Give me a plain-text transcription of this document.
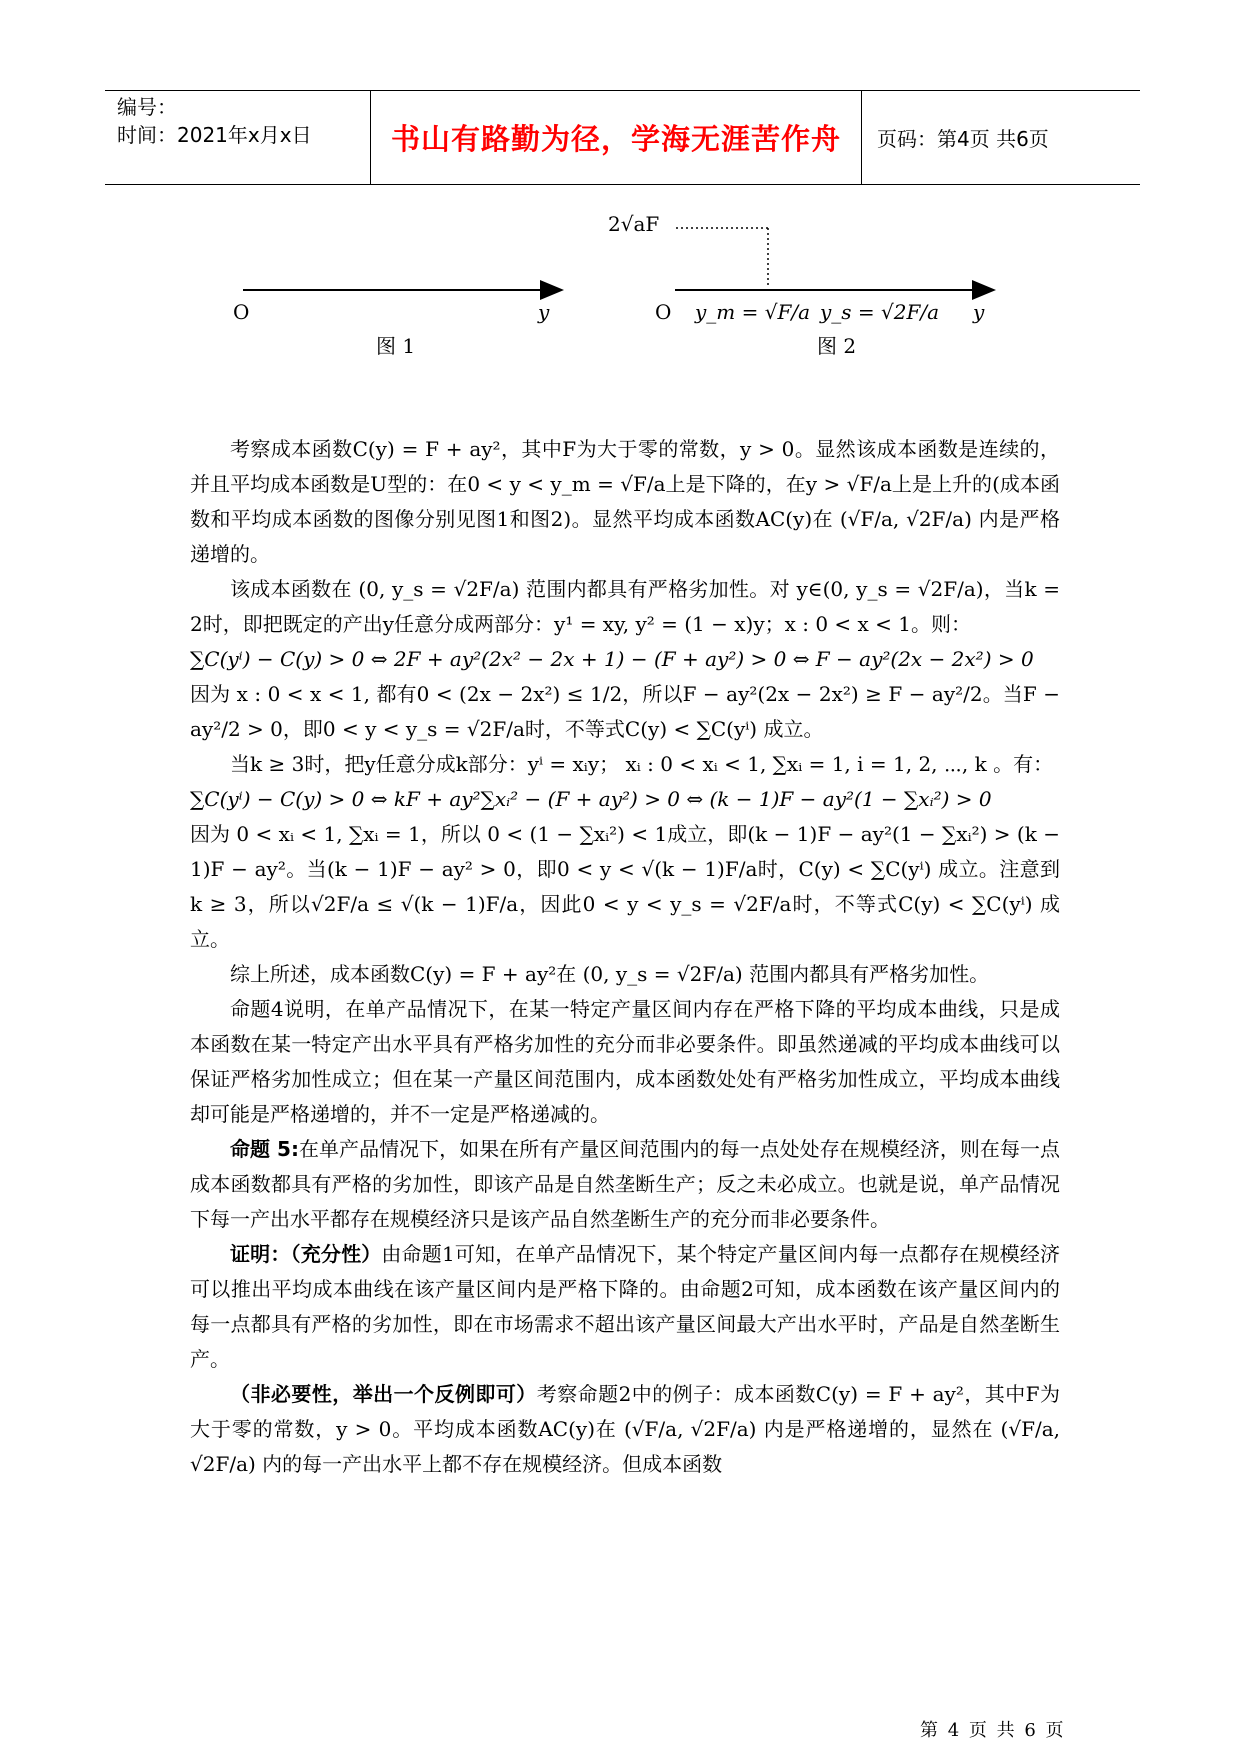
编号：
时间：2021年x月x日	书山有路勤为径，学海无涯苦作舟	页码：第4页 共6页
2√aF
O	y
图 1
O y_m = √F/a y_s = √2F/a y
图 2

考察成本函数C(y) = F + ay²，其中F为大于零的常数，y > 0。显然该成本函数是连续的，并且平均成本函数是U型的：在0 < y < y_m = √F/a上是下降的，在y > √F/a上是上升的(成本函数和平均成本函数的图像分别见图1和图2)。显然平均成本函数AC(y)在 (√F/a, √2F/a) 内是严格递增的。

该成本函数在 (0, y_s = √2F/a) 范围内都具有严格劣加性。对 y∈(0, y_s = √2F/a)，当k = 2时，即把既定的产出y任意分成两部分：y¹ = xy, y² = (1 − x)y；x : 0 < x < 1。则：

∑C(yⁱ) − C(y) > 0 ⇔ 2F + ay²(2x² − 2x + 1) − (F + ay²) > 0 ⇔ F − ay²(2x − 2x²) > 0

因为 x : 0 < x < 1, 都有0 < (2x − 2x²) ≤ 1/2，所以F − ay²(2x − 2x²) ≥ F − ay²/2。当F − ay²/2 > 0，即0 < y < y_s = √2F/a时，不等式C(y) < ∑C(yⁱ) 成立。

当k ≥ 3时，把y任意分成k部分：yⁱ = xᵢy； xᵢ : 0 < xᵢ < 1, ∑xᵢ = 1, i = 1, 2, ⋯, k 。有：

∑C(yⁱ) − C(y) > 0 ⇔ kF + ay²∑xᵢ² − (F + ay²) > 0 ⇔ (k − 1)F − ay²(1 − ∑xᵢ²) > 0

因为 0 < xᵢ < 1, ∑xᵢ = 1，所以 0 < (1 − ∑xᵢ²) < 1成立，即(k − 1)F − ay²(1 − ∑xᵢ²) > (k − 1)F − ay²。当(k − 1)F − ay² > 0，即0 < y < √(k − 1)F/a时，C(y) < ∑C(yⁱ) 成立。注意到k ≥ 3，所以√2F/a ≤ √(k − 1)F/a，因此0 < y < y_s = √2F/a时，不等式C(y) < ∑C(yⁱ) 成立。

综上所述，成本函数C(y) = F + ay²在 (0, y_s = √2F/a) 范围内都具有严格劣加性。

命题4说明，在单产品情况下，在某一特定产量区间内存在严格下降的平均成本曲线，只是成本函数在某一特定产出水平具有严格劣加性的充分而非必要条件。即虽然递减的平均成本曲线可以保证严格劣加性成立；但在某一产量区间范围内，成本函数处处有严格劣加性成立，平均成本曲线却可能是严格递增的，并不一定是严格递减的。

命题 5:在单产品情况下，如果在所有产量区间范围内的每一点处处存在规模经济，则在每一点成本函数都具有严格的劣加性，即该产品是自然垄断生产；反之未必成立。也就是说，单产品情况下每一产出水平都存在规模经济只是该产品自然垄断生产的充分而非必要条件。

证明：（充分性）由命题1可知，在单产品情况下，某个特定产量区间内每一点都存在规模经济可以推出平均成本曲线在该产量区间内是严格下降的。由命题2可知，成本函数在该产量区间内的每一点都具有严格的劣加性，即在市场需求不超出该产量区间最大产出水平时，产品是自然垄断生产。

（非必要性，举出一个反例即可）考察命题2中的例子：成本函数C(y) = F + ay²，其中F为大于零的常数，y > 0。平均成本函数AC(y)在 (√F/a, √2F/a) 内是严格递增的，显然在 (√F/a, √2F/a) 内的每一产出水平上都不存在规模经济。但成本函数

第 4 页 共 6 页
